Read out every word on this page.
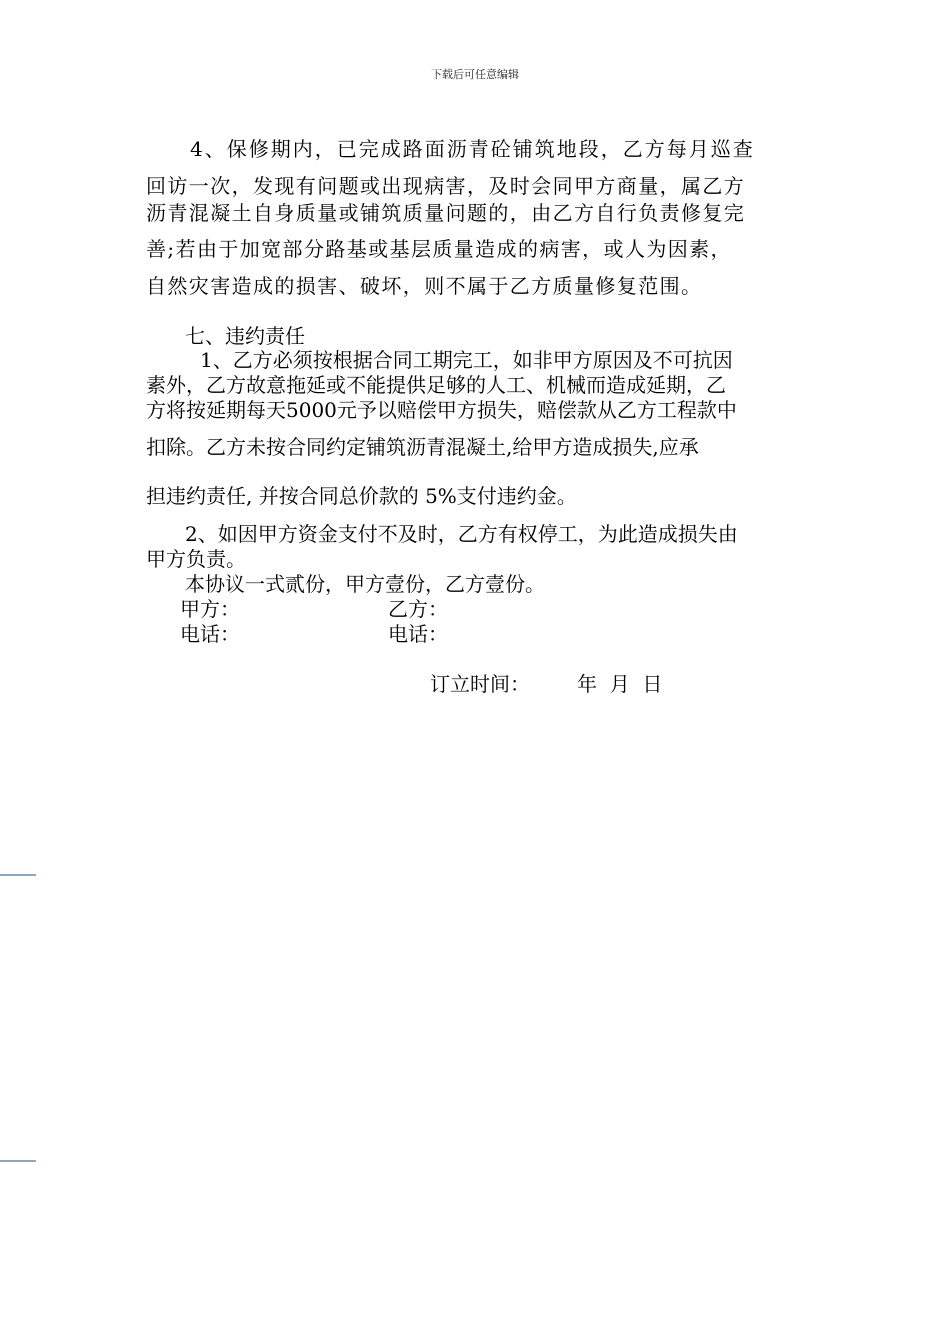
下载后可任意编辑
4、保修期内，已完成路面沥青砼铺筑地段，乙方每月巡查
回访一次，发现有问题或出现病害，及时会同甲方商量，属乙方
沥青混凝土自身质量或铺筑质量问题的，由乙方自行负责修复完
善;若由于加宽部分路基或基层质量造成的病害，或人为因素，
自然灾害造成的损害、破坏，则不属于乙方质量修复范围。
七、违约责任
1、乙方必须按根据合同工期完工，如非甲方原因及不可抗因
素外，乙方故意拖延或不能提供足够的人工、机械而造成延期，乙
方将按延期每天5000元予以赔偿甲方损失，赔偿款从乙方工程款中
扣除。乙方未按合同约定铺筑沥青混凝土,给甲方造成损失,应承
担违约责任, 并按合同总价款的 5%支付违约金。
2、如因甲方资金支付不及时，乙方有权停工，为此造成损失由
甲方负责。
本协议一式贰份，甲方壹份，乙方壹份。
甲方：	乙方：
电话：	电话：
订立时间： 年  月  日
